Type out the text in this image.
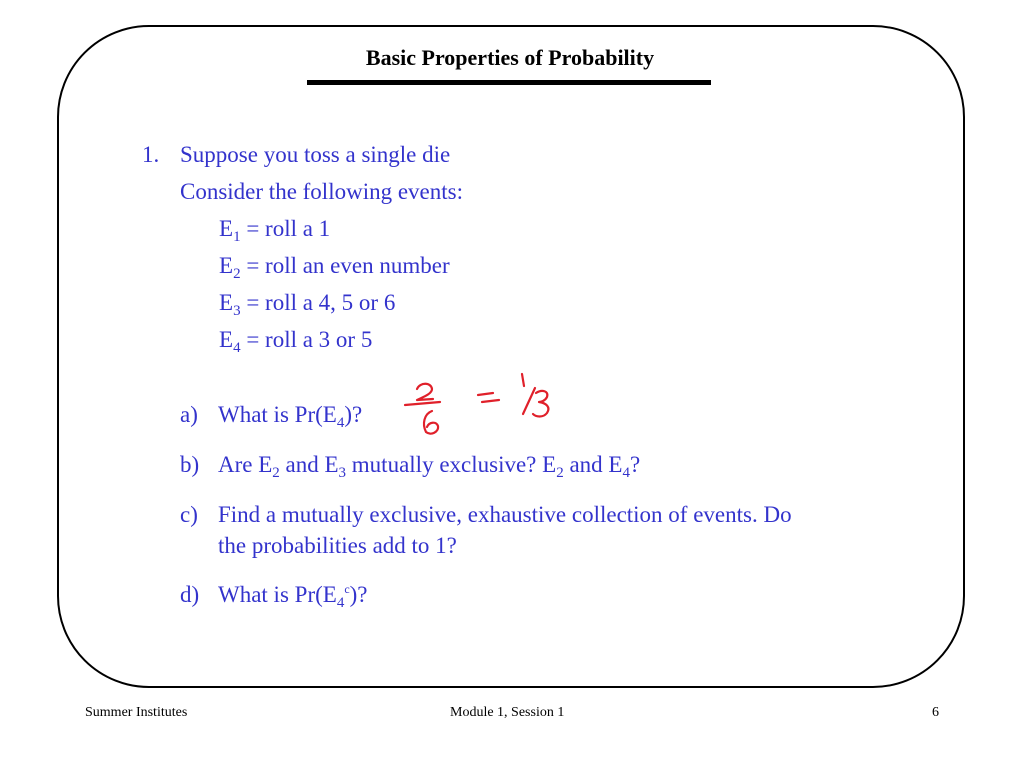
Basic Properties of Probability
1. Suppose you toss a single die
Consider the following events:
$E_1$ = roll a 1
$E_2$ = roll an even number
$E_3$ = roll a 4, 5 or 6
$E_4$ = roll a 3 or 5
a) What is $Pr(E_4)$?
b) Are $E_2$ and $E_3$ mutually exclusive? $E_2$ and $E_4$?
c) Find a mutually exclusive, exhaustive collection of events. Do
the probabilities add to 1?
d) What is $Pr(E_4^c)$?
Summer Institutes	Module 1, Session 1	6
